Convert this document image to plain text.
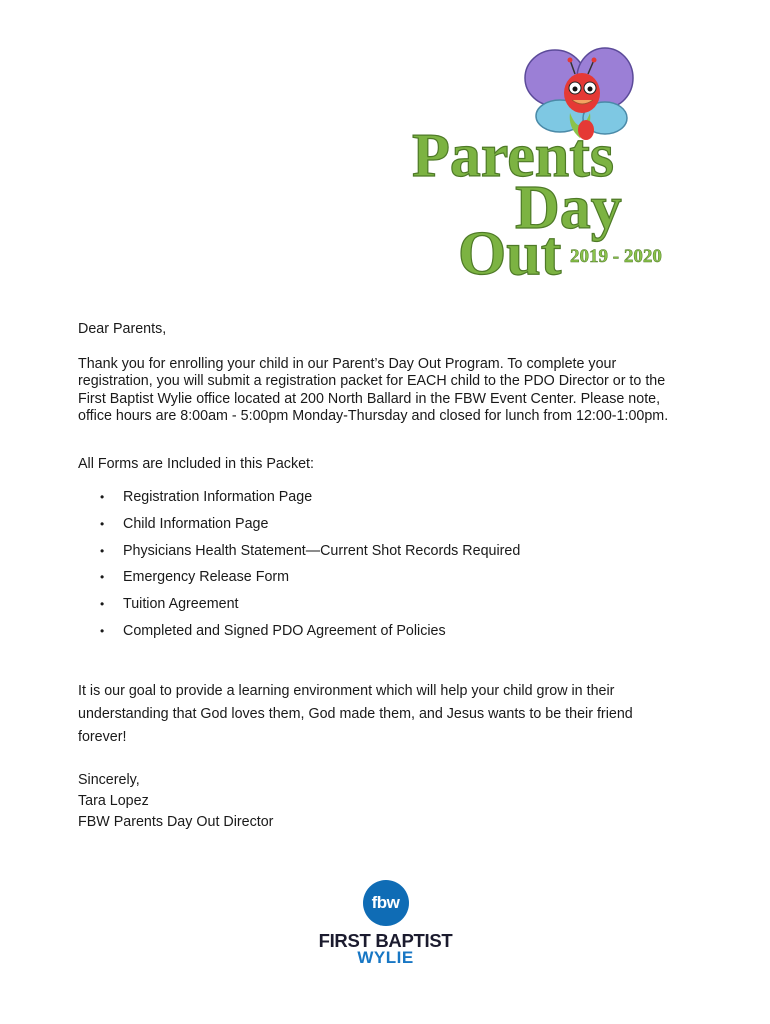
Parents
Day
Out 2019 - 2020

Dear Parents,

Thank you for enrolling your child in our Parent’s Day Out Program. To complete your registration, you will submit a registration packet for EACH child to the PDO Director or to the First Baptist Wylie office located at 200 North Ballard in the FBW Event Center. Please note, office hours are 8:00am - 5:00pm Monday-Thursday and closed for lunch from 12:00-1:00pm.

All Forms are Included in this Packet:

• Registration Information Page
• Child Information Page
• Physicians Health Statement—Current Shot Records Required
• Emergency Release Form
• Tuition Agreement
• Completed and Signed PDO Agreement of Policies

It is our goal to provide a learning environment which will help your child grow in their understanding that God loves them, God made them, and Jesus wants to be their friend forever!

Sincerely,
Tara Lopez
FBW Parents Day Out Director

fbw
FIRST BAPTIST
WYLIE
